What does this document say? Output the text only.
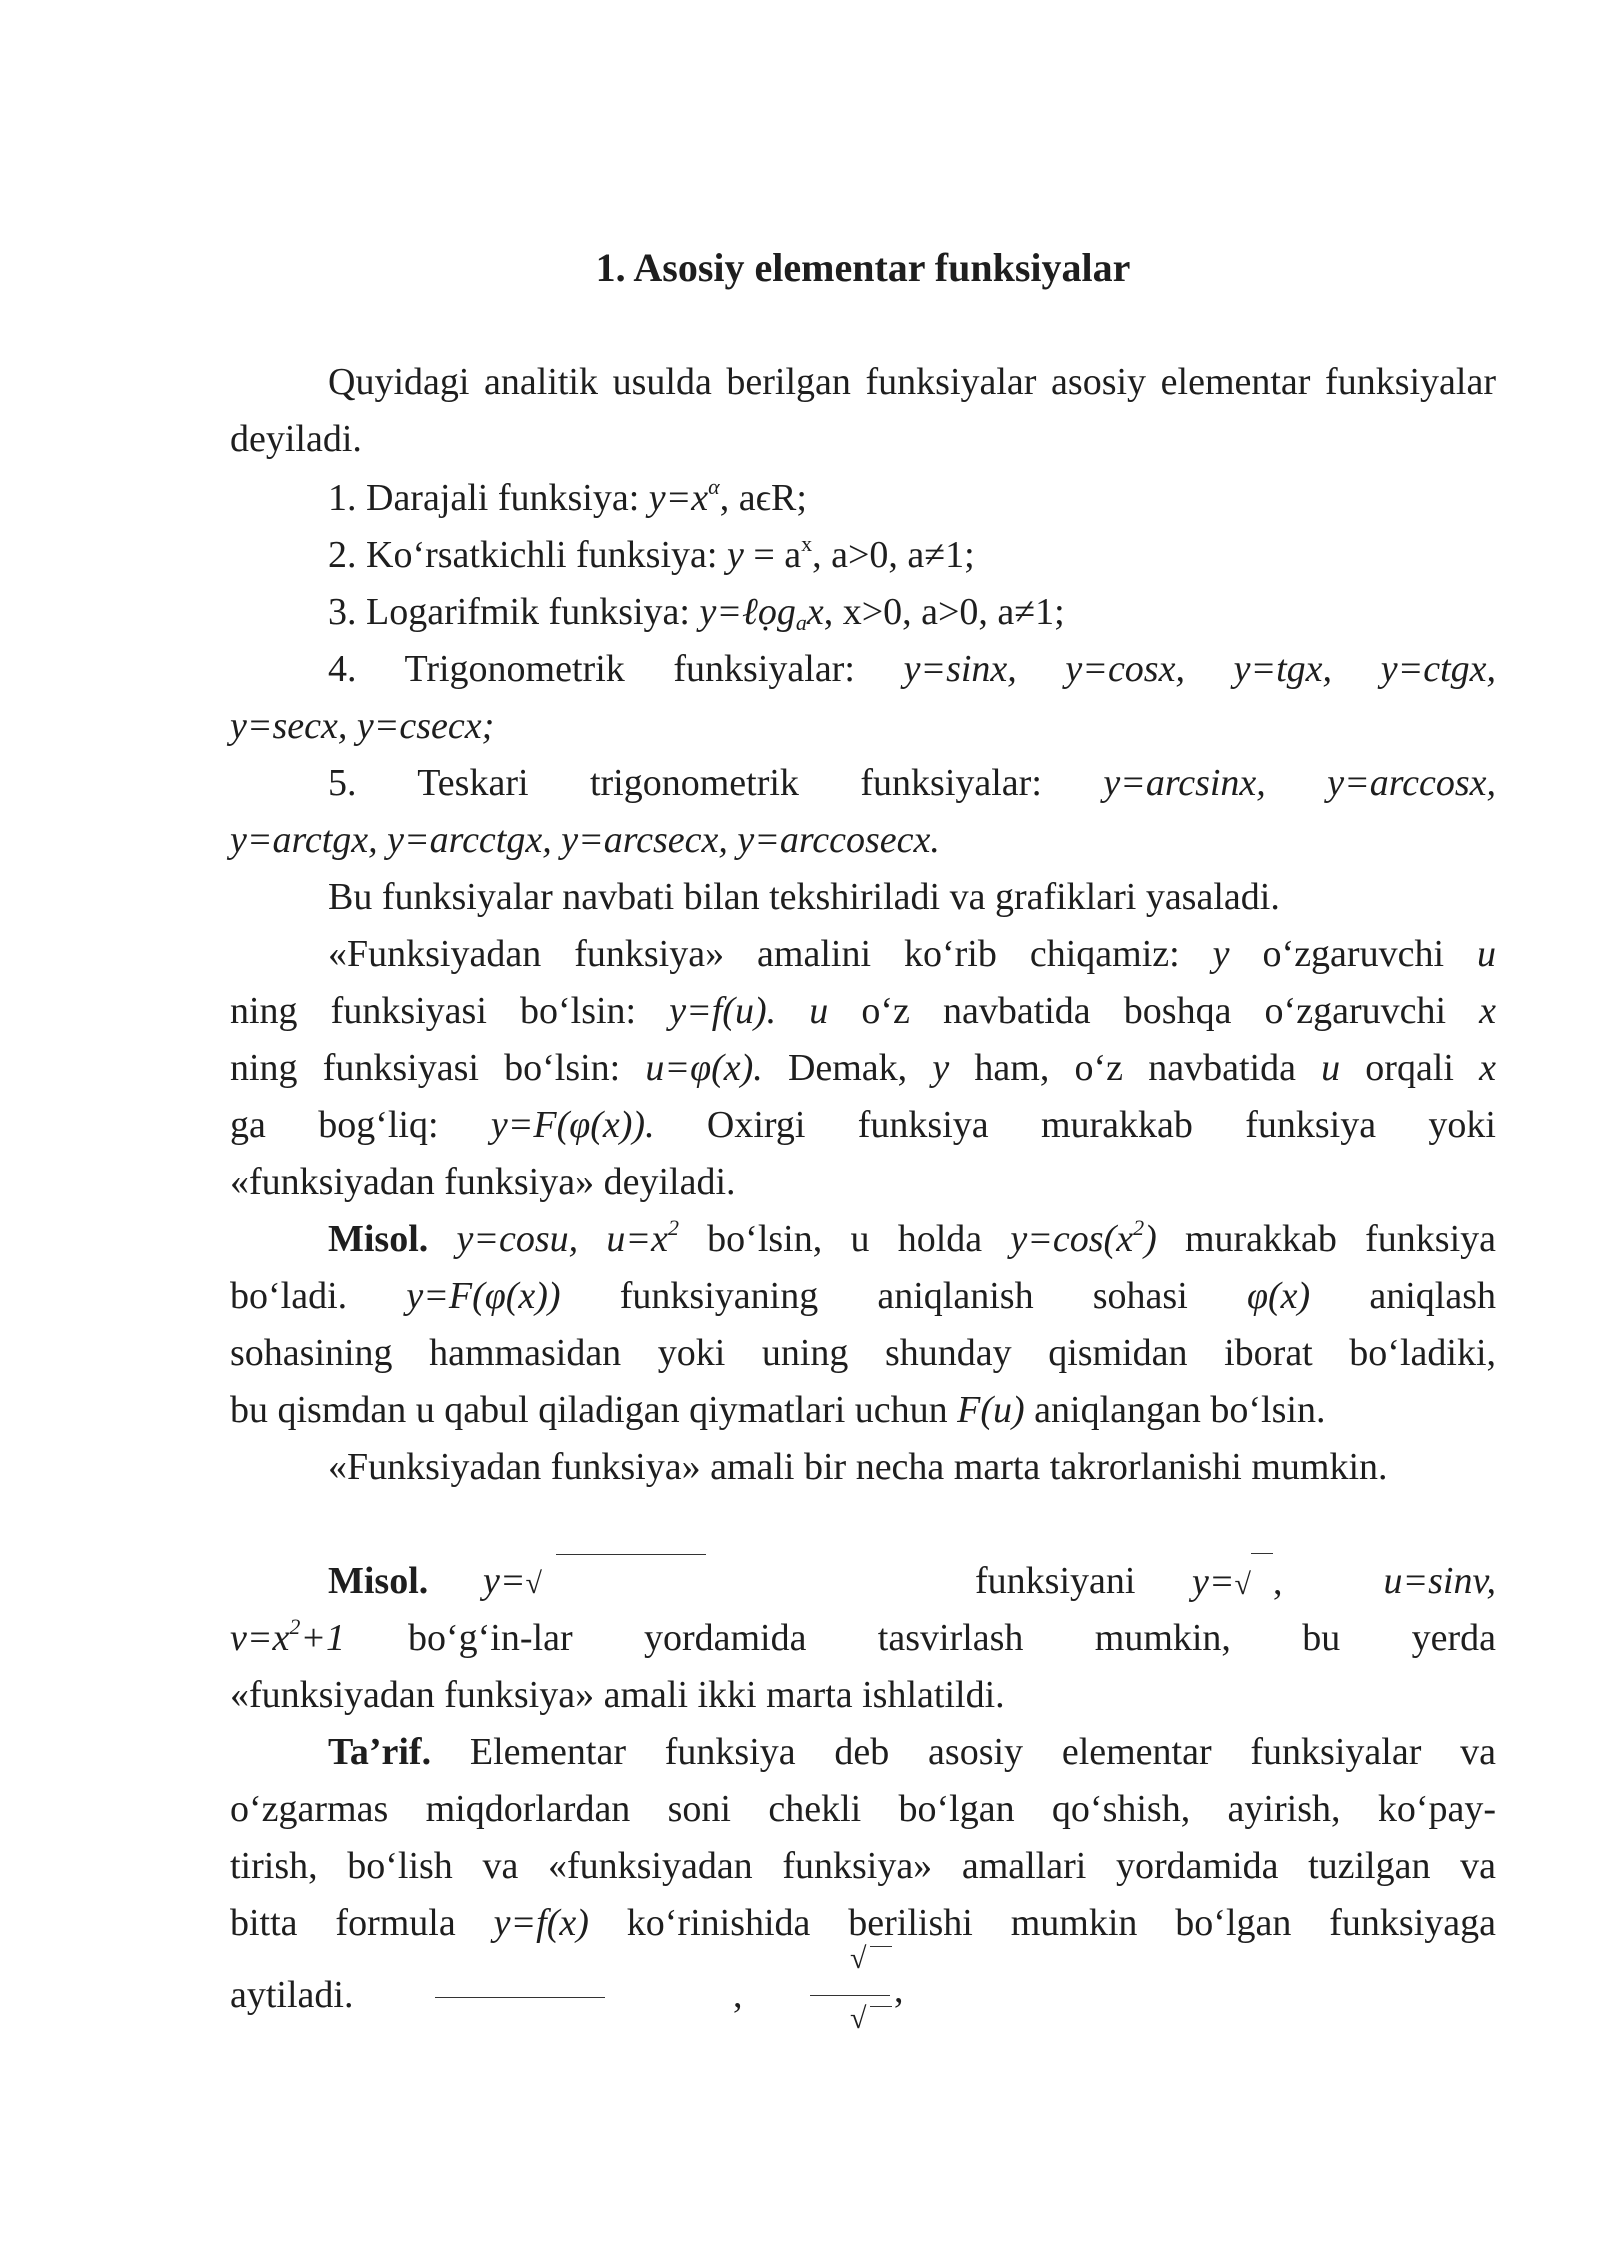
1. Asosiy elementar funksiyalar
Quyidagi analitik usulda berilgan funksiyalar asosiy elementar funksiyalar deyiladi.
1. Darajali funksiya: $y=x^\alpha$, aϵR;
2. Ko‘rsatkichli funksiya: $y = a^x$, a>0, a≠1;
3. Logarifmik funksiya: y=ℓọg$_a$x, x>0, a>0, a≠1;
4. Trigonometrik funksiyalar: y=sinx, y=cosx, y=tgx, y=ctgx,
y=secx, y=csecx;
5. Teskari trigonometrik funksiyalar: y=arcsinx, y=arccosx,
y=arctgx, y=arcctgx, y=arcsecx, y=arccosecx.
Bu funksiyalar navbati bilan tekshiriladi va grafiklari yasaladi.
«Funksiyadan funksiya» amalini ko‘rib chiqamiz: y o‘zgaruvchi u
ning funksiyasi bo‘lsin: y=f(u). u o‘z navbatida boshqa o‘zgaruvchi x
ning funksiyasi bo‘lsin: u=φ(x). Demak, y ham, o‘z navbatida u orqali x
ga bog‘liq: y=F(φ(x)). Oxirgi funksiya murakkab funksiya yoki
«funksiyadan funksiya» deyiladi.
Misol. y=cosu, $u=x^2$ bo‘lsin, u holda $y=\cos(x^2)$ murakkab funksiya
bo‘ladi. y=F(φ(x)) funksiyaning aniqlanish sohasi φ(x) aniqlash
sohasining hammasidan yoki uning shunday qismidan iborat bo‘ladiki,
bu qismdan u qabul qiladigan qiymatlari uchun F(u) aniqlangan bo‘lsin.
«Funksiyadan funksiya» amali bir necha marta takrorlanishi mumkin.
Misol. y=√	funksiyani y=√ ,	u=sinv,
$v=x^2+1$	bo‘g‘in-lar yordamida tasvirlash mumkin, bu yerda
«funksiyadan funksiya» amali ikki marta ishlatildi.
Ta’rif. Elementar funksiya deb asosiy elementar funksiyalar va
o‘zgarmas miqdorlardan soni chekli bo‘lgan qo‘shish, ayirish, ko‘pay-
tirish, bo‘lish va «funksiyadan funksiya» amallari yordamida tuzilgan va
bitta formula y=f(x) ko‘rinishida berilishi mumkin bo‘lgan funksiyaga
aytiladi.	,
√
√
,
